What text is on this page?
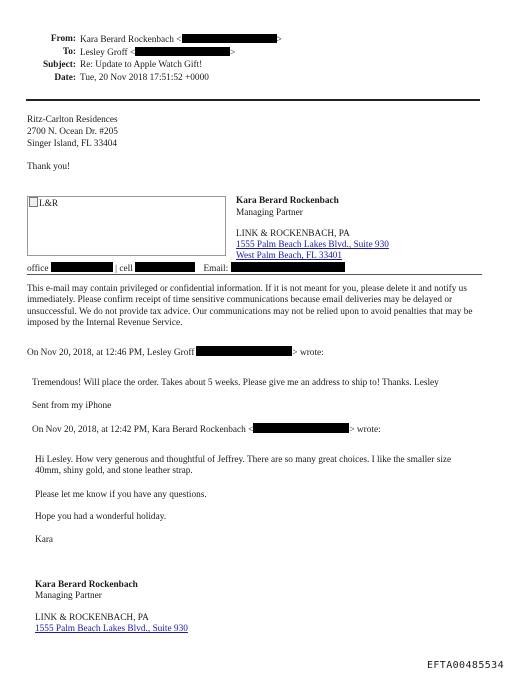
From: Kara Berard Rockenbach <	>
To: Lesley Groff <	>
Subject: Re: Update to Apple Watch Gift!
Date: Tue, 20 Nov 2018 17:51:52 +0000
Ritz-Carlton Residences
2700 N. Ocean Dr. #205
Singer Island, FL 33404
Thank you!
L&R	Kara Berard Rockenbach
Managing Partner
LINK & ROCKENBACH, PA
1555 Palm Beach Lakes Blvd., Suite 930
West Palm Beach, FL 33401
office	| cell	Email:
This e-mail may contain privileged or confidential information. If it is not meant for you, please delete it and notify us immediately. Please confirm receipt of time sensitive communications because email deliveries may be delayed or unsuccessful. We do not provide tax advice. Our communications may not be relied upon to avoid penalties that may be imposed by the Internal Revenue Service.
On Nov 20, 2018, at 12:46 PM, Lesley Groff	> wrote:
Tremendous! Will place the order. Takes about 5 weeks. Please give me an address to ship to! Thanks. Lesley
Sent from my iPhone
On Nov 20, 2018, at 12:42 PM, Kara Berard Rockenbach <	> wrote:
Hi Lesley. How very generous and thoughtful of Jeffrey. There are so many great choices. I like the smaller size 40mm, shiny gold, and stone leather strap.
Please let me know if you have any questions.
Hope you had a wonderful holiday.
Kara
Kara Berard Rockenbach
Managing Partner
LINK & ROCKENBACH, PA
1555 Palm Beach Lakes Blvd., Suite 930
EFTA00485534
